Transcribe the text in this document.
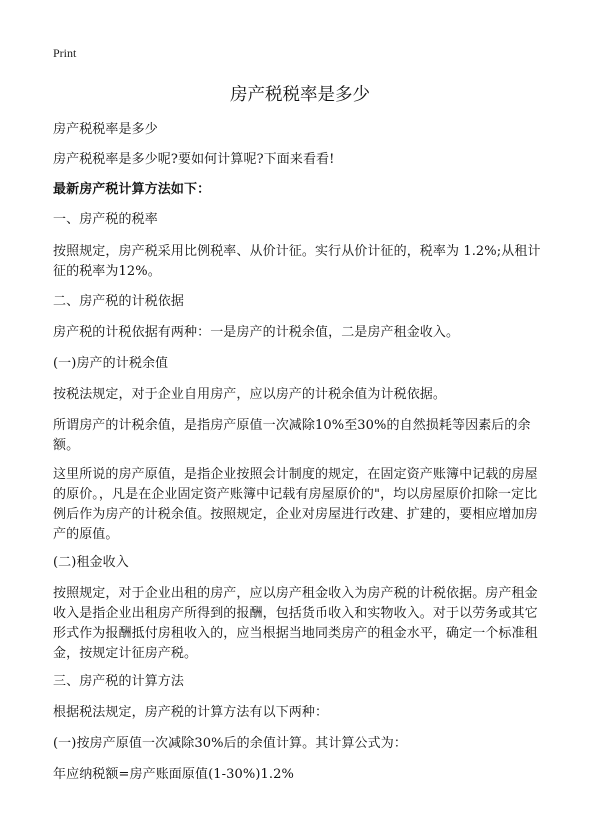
Print
房产税税率是多少

房产税税率是多少

房产税税率是多少呢?要如何计算呢?下面来看看!

最新房产税计算方法如下：

一、房产税的税率

按照规定，房产税采用比例税率、从价计征。实行从价计征的，税率为 1.2%;从租计征的税率为12%。

二、房产税的计税依据

房产税的计税依据有两种：一是房产的计税余值，二是房产租金收入。

(一)房产的计税余值

按税法规定，对于企业自用房产，应以房产的计税余值为计税依据。

所谓房产的计税余值，是指房产原值一次减除10%至30%的自然损耗等因素后的余额。

这里所说的房产原值，是指企业按照会计制度的规定，在固定资产账簿中记载的房屋的原价。，凡是在企业固定资产账簿中记载有房屋原价的"，均以房屋原价扣除一定比例后作为房产的计税余值。按照规定，企业对房屋进行改建、扩建的，要相应增加房产的原值。

(二)租金收入

按照规定，对于企业出租的房产，应以房产租金收入为房产税的计税依据。房产租金收入是指企业出租房产所得到的报酬，包括货币收入和实物收入。对于以劳务或其它形式作为报酬抵付房租收入的，应当根据当地同类房产的租金水平，确定一个标准租金，按规定计征房产税。

三、房产税的计算方法

根据税法规定，房产税的计算方法有以下两种：

(一)按房产原值一次减除30%后的余值计算。其计算公式为：

年应纳税额=房产账面原值(1-30%)1.2%
